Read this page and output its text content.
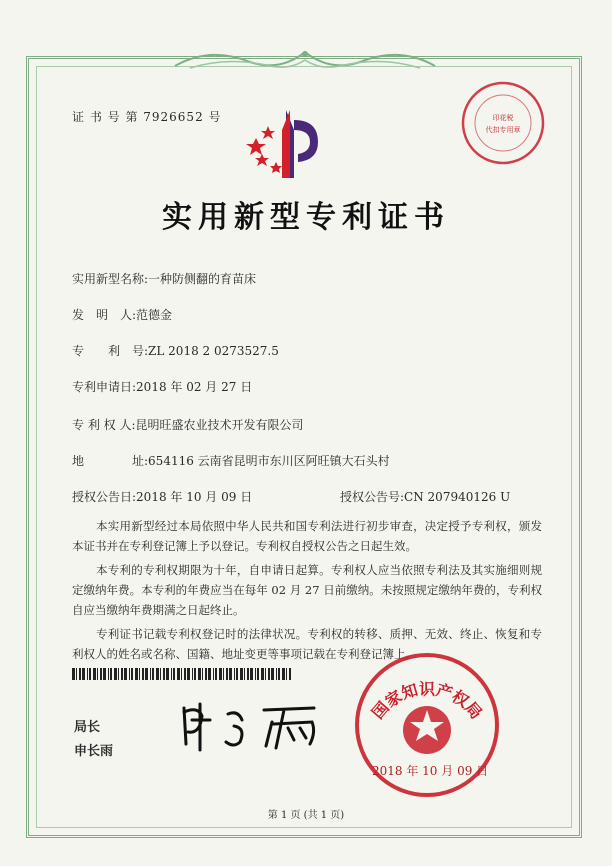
证 书 号 第 7926652 号	印花税
代扣专用章
实用新型专利证书
实用新型名称:一种防侧翻的育苗床
发　明　人:范德金
专　　利　号:ZL 2018 2 0273527.5
专利申请日:2018 年 02 月 27 日
专 利 权 人:昆明旺盛农业技术开发有限公司
地　　　　址:654116 云南省昆明市东川区阿旺镇大石头村
授权公告日:2018 年 10 月 09 日	授权公告号:CN 207940126 U
本实用新型经过本局依照中华人民共和国专利法进行初步审查，决定授予专利权，颁发本证书并在专利登记簿上予以登记。专利权自授权公告之日起生效。
本专利的专利权期限为十年，自申请日起算。专利权人应当依照专利法及其实施细则规定缴纳年费。本专利的年费应当在每年 02 月 27 日前缴纳。未按照规定缴纳年费的，专利权自应当缴纳年费期满之日起终止。
专利证书记载专利权登记时的法律状况。专利权的转移、质押、无效、终止、恢复和专利权人的姓名或名称、国籍、地址变更等事项记载在专利登记簿上。
局长
申长雨
国家知识产权局
2018 年 10 月 09 日
第 1 页 (共 1 页)
